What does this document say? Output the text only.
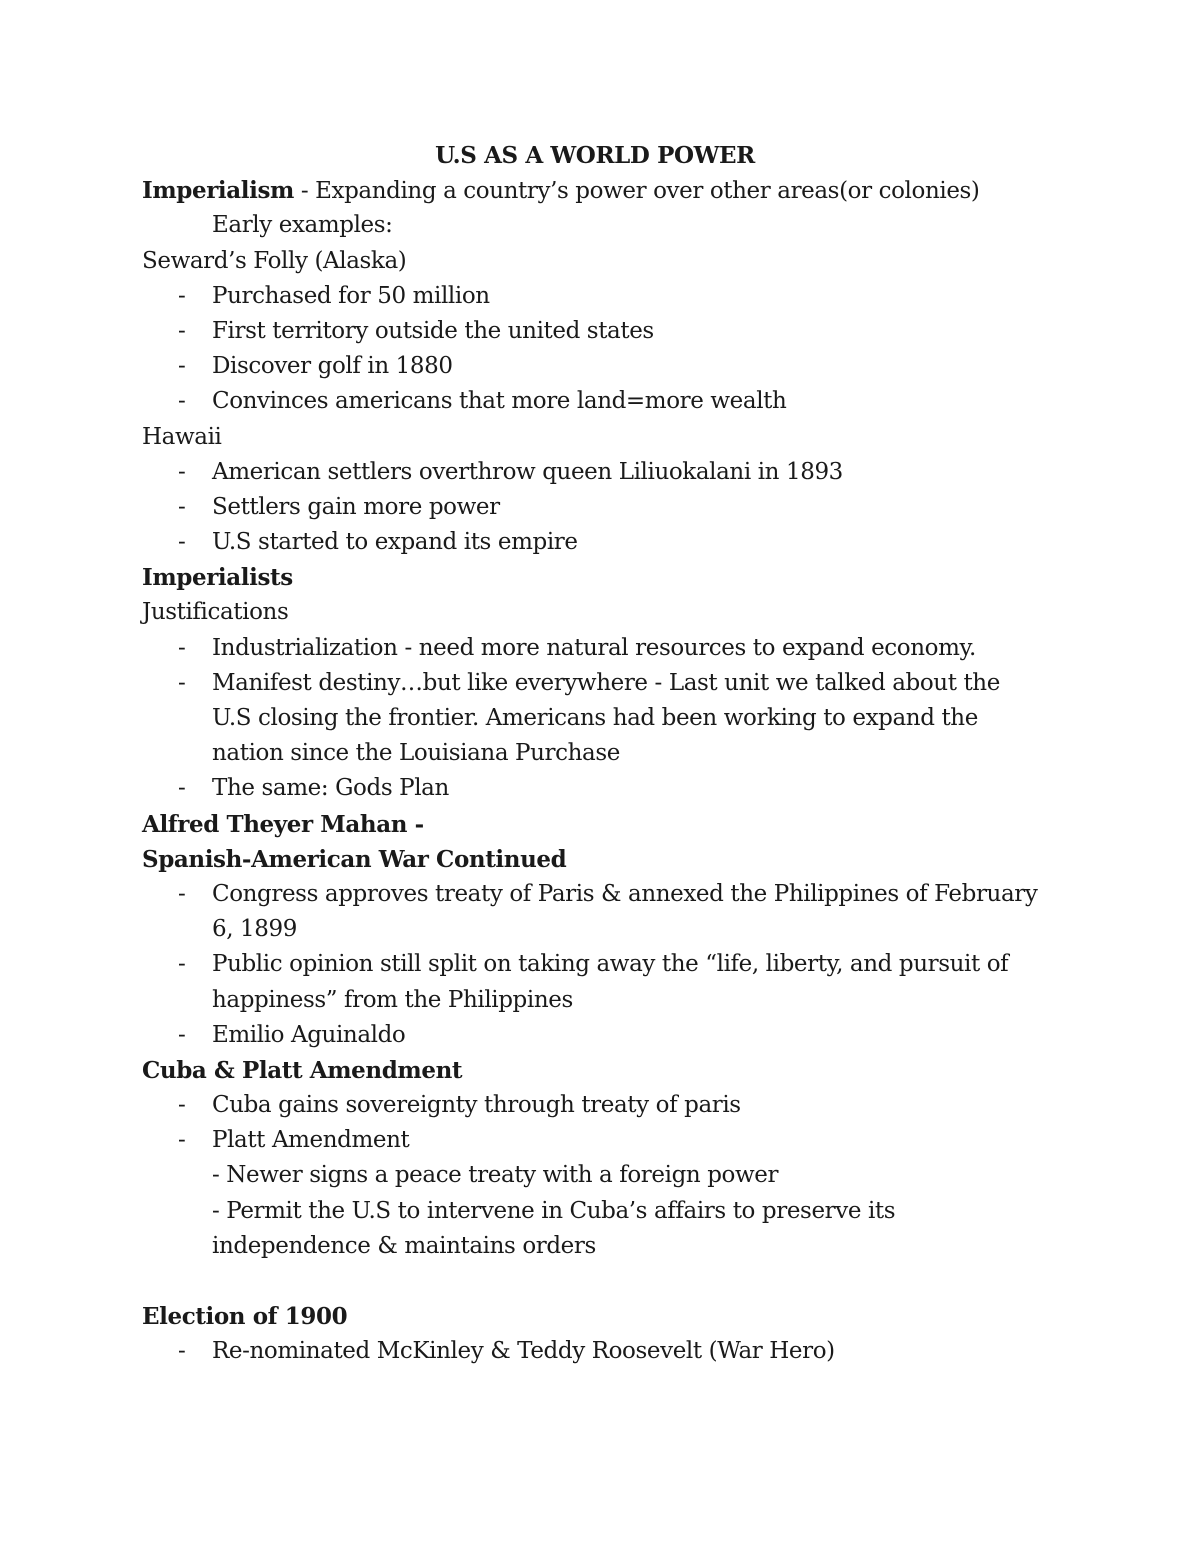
U.S AS A WORLD POWER
Imperialism - Expanding a country’s power over other areas(or colonies)
Early examples:
Seward’s Folly (Alaska)
- Purchased for 50 million
- First territory outside the united states
- Discover golf in 1880
- Convinces americans that more land=more wealth
Hawaii
- American settlers overthrow queen Liliuokalani in 1893
- Settlers gain more power
- U.S started to expand its empire
Imperialists
Justifications
- Industrialization - need more natural resources to expand economy.
- Manifest destiny…but like everywhere - Last unit we talked about the
U.S closing the frontier. Americans had been working to expand the
nation since the Louisiana Purchase
- The same: Gods Plan
Alfred Theyer Mahan -
Spanish-American War Continued
- Congress approves treaty of Paris & annexed the Philippines of February
6, 1899
- Public opinion still split on taking away the “life, liberty, and pursuit of
happiness” from the Philippines
- Emilio Aguinaldo
Cuba & Platt Amendment
- Cuba gains sovereignty through treaty of paris
- Platt Amendment
- Newer signs a peace treaty with a foreign power
- Permit the U.S to intervene in Cuba’s affairs to preserve its
independence & maintains orders
Election of 1900
- Re-nominated McKinley & Teddy Roosevelt (War Hero)
